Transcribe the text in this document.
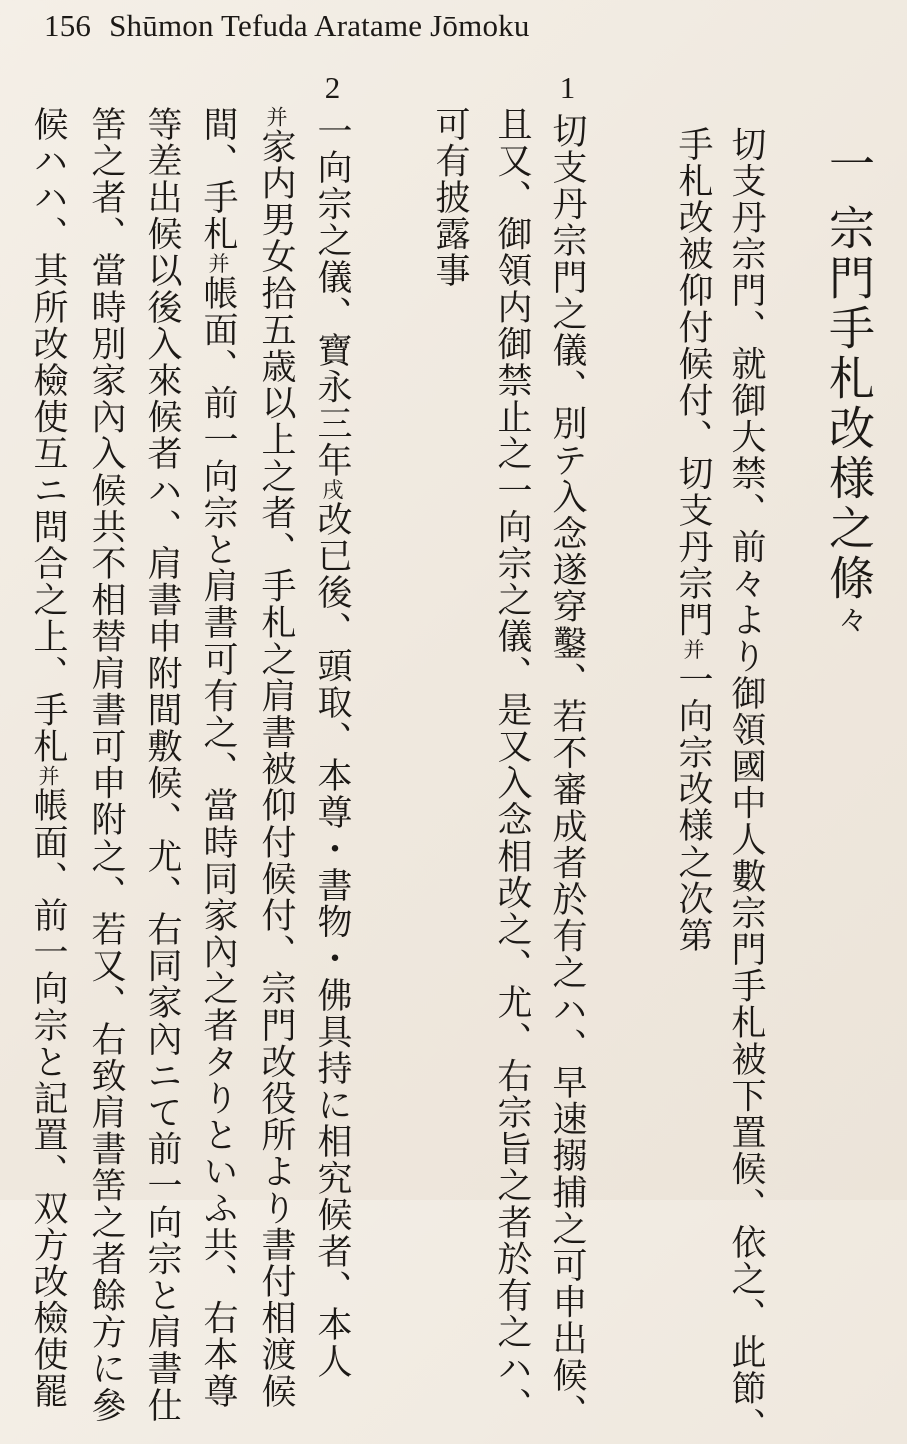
156 Shūmon Tefuda Aratame Jōmoku
一宗門手札改様之條々
切支丹宗門、就御大禁、前々より御領國中人數宗門手札被下置候、依之、此節、
手札改被仰付候付、切支丹宗門并一向宗改様之次第
1切支丹宗門之儀、別テ入念遂穿鑿、若不審成者於有之ハ、早速搦捕之可申出候、
且又、御領内御禁止之一向宗之儀、是又入念相改之、尤、右宗旨之者於有之ハ、
可有披露事
2一向宗之儀、寶永三年戌改已後、頭取、本尊・書物・佛具持に相究候者、本人
并家内男女拾五歳以上之者、手札之肩書被仰付候付、宗門改役所より書付相渡候
間、手札并帳面、前一向宗と肩書可有之、當時同家內之者タりといふ共、右本尊
等差出候以後入來候者ハ、肩書申附間敷候、尤、右同家內ニて前一向宗と肩書仕
筈之者、當時別家內入候共不相替肩書可申附之、若又、右致肩書筈之者餘方に參
候ハハ、其所改檢使互ニ問合之上、手札并帳面、前一向宗と記置、双方改檢使罷
